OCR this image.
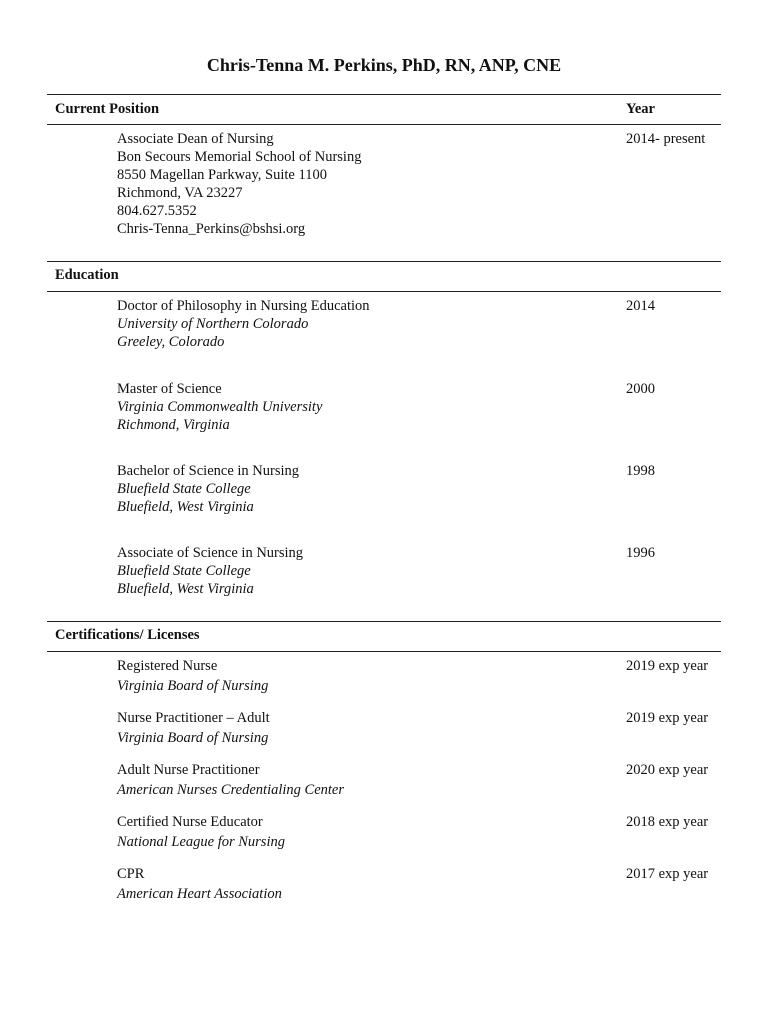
Chris-Tenna M. Perkins, PhD, RN, ANP, CNE
Current Position	Year
Associate Dean of Nursing
Bon Secours Memorial School of Nursing
8550 Magellan Parkway, Suite 1100
Richmond, VA 23227
804.627.5352
Chris-Tenna_Perkins@bshsi.org
2014- present
Education
Doctor of Philosophy in Nursing Education
University of Northern Colorado
Greeley, Colorado
2014
Master of Science
Virginia Commonwealth University
Richmond, Virginia
2000
Bachelor of Science in Nursing
Bluefield State College
Bluefield, West Virginia
1998
Associate of Science in Nursing
Bluefield State College
Bluefield, West Virginia
1996
Certifications/ Licenses
Registered Nurse
Virginia Board of Nursing
2019 exp year
Nurse Practitioner – Adult
Virginia Board of Nursing
2019 exp year
Adult Nurse Practitioner
American Nurses Credentialing Center
2020 exp year
Certified Nurse Educator
National League for Nursing
2018 exp year
CPR
American Heart Association
2017 exp year
